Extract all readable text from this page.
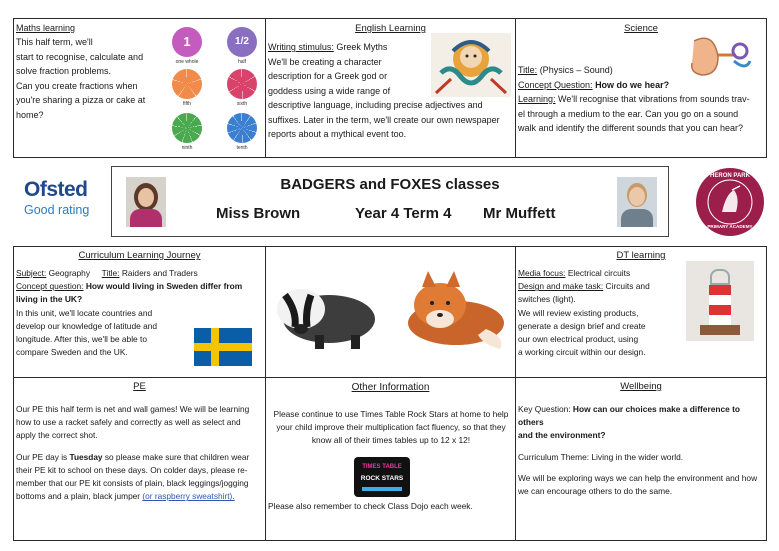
Maths learning
This half term, we'll
start to recognise, calculate and
solve fraction problems.
Can you create fractions when
you're sharing a pizza or cake at
home?
1
one whole
1/2
half
fifth	sixth
ninth	tenth
English Learning
Writing stimulus: Greek Myths
We'll be creating a character
description for a Greek god or
goddess using a wide range of
descriptive language, including precise adjectives and
suffixes. Later in the term, we'll create our own newspaper
reports about a mythical event too.
Science
Title: (Physics – Sound)
Concept Question: How do we hear?
Learning: We'll recognise that vibrations from sounds trav-
el through a medium to the ear. Can you go on a sound
walk and identify the different sounds that you can hear?
Ofsted
Good rating
BADGERS and FOXES classes
Miss Brown	Year 4 Term 4 Mr Muffett
HERON PARK
PRIMARY ACADEMY
Curriculum Learning Journey
Subject: Geography Title: Raiders and Traders
Concept question: How would living in Sweden differ from
living in the UK?
In this unit, we'll locate countries and
develop our knowledge of latitude and
longitude. After this, we'll be able to
compare Sweden and the UK.
DT learning
Media focus: Electrical circuits
Design and make task: Circuits and
switches (light).
We will review existing products,
generate a design brief and create
our own electrical product, using
a working circuit within our design.
PE
Our PE this half term is net and wall games! We will be learning
how to use a racket safely and correctly as well as select and
apply the correct shot.
Our PE day is Tuesday so please make sure that children wear
their PE kit to school on these days. On colder days, please re-
member that our PE kit consists of plain, black leggings/jogging
bottoms and a plain, black jumper (or raspberry sweatshirt).
Other Information
Please continue to use Times Table Rock Stars at home to help
your child improve their multiplication fact fluency, so that they
know all of their times tables up to 12 x 12!
TIMES TABLE
ROCK STARS
Please also remember to check Class Dojo each week.
Wellbeing
Key Question: How can our choices make a difference to others
and the environment?
Curriculum Theme: Living in the wider world.
We will be exploring ways we can help the environment and how
we can encourage others to do the same.
